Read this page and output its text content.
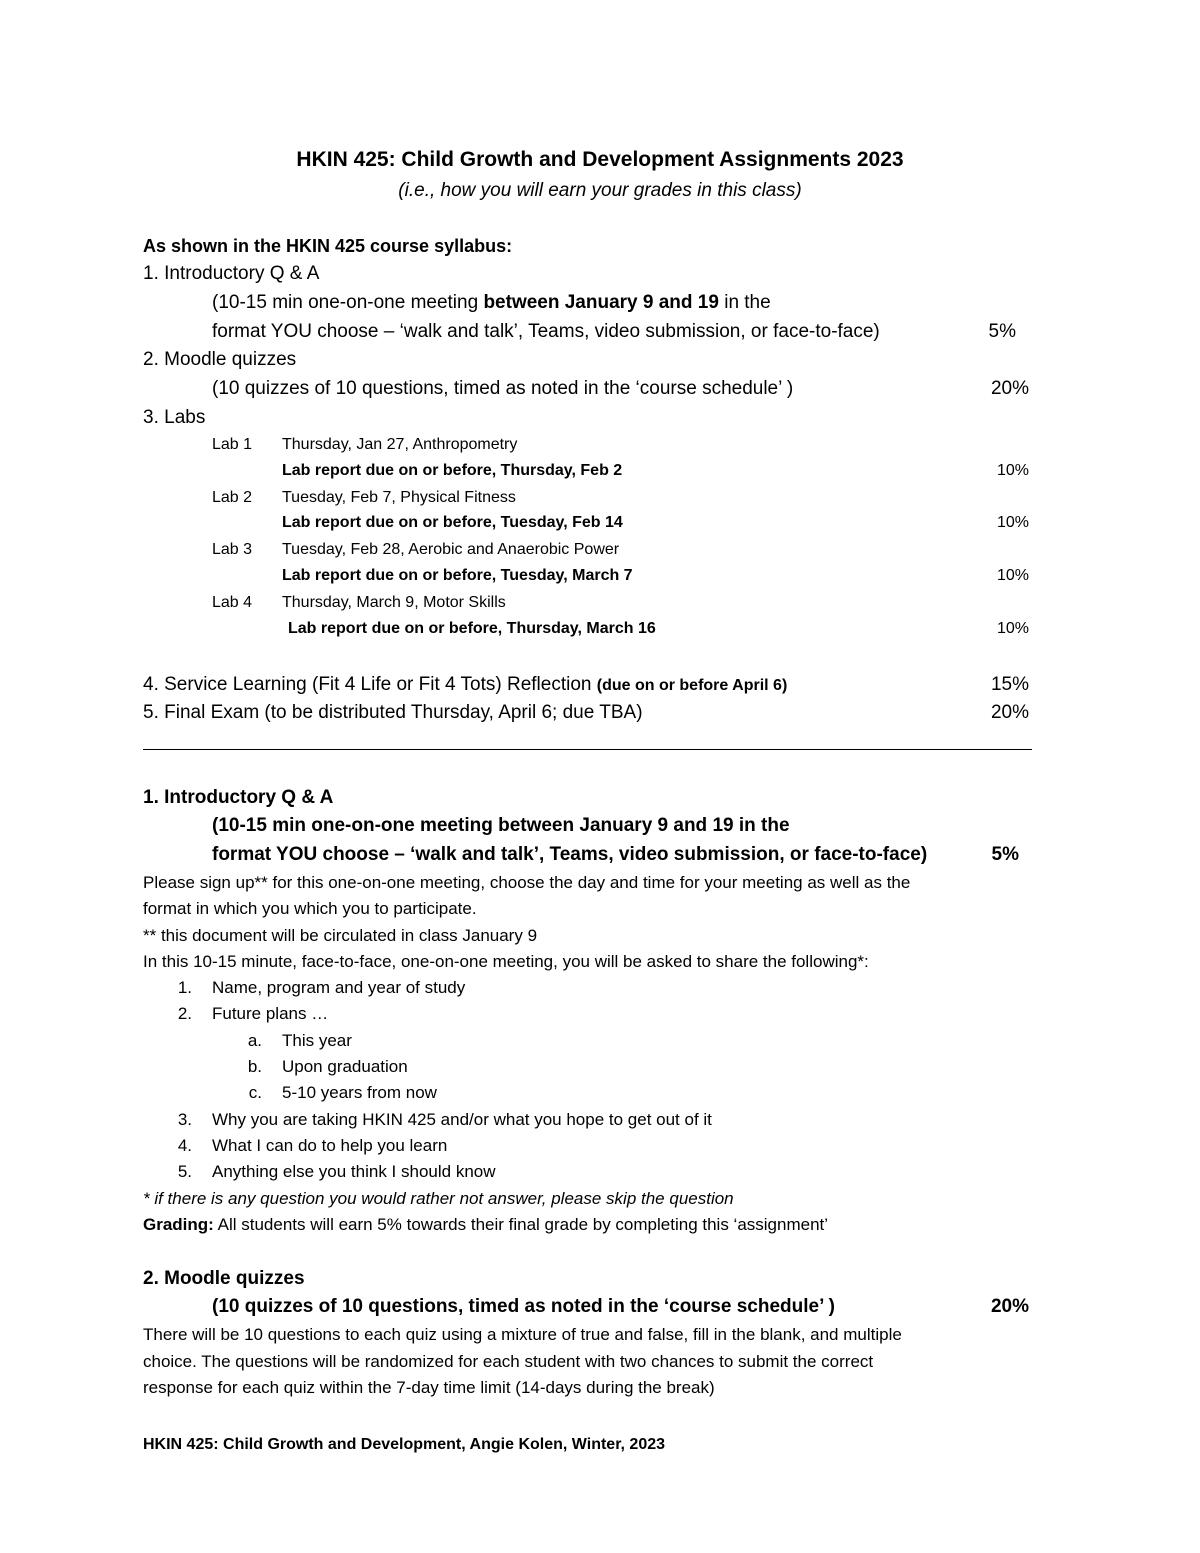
HKIN 425: Child Growth and Development Assignments 2023
(i.e., how you will earn your grades in this class)
As shown in the HKIN 425 course syllabus:
1. Introductory Q & A
(10-15 min one-on-one meeting between January 9 and 19 in the
format YOU choose – ‘walk and talk’, Teams, video submission, or face-to-face)	5%
2. Moodle quizzes
(10 quizzes of 10 questions, timed as noted in the ‘course schedule’ )	20%
3. Labs
Lab 1 Thursday, Jan 27, Anthropometry
Lab report due on or before, Thursday, Feb 2	10%
Lab 2 Tuesday, Feb 7, Physical Fitness
Lab report due on or before, Tuesday, Feb 14	10%
Lab 3 Tuesday, Feb 28, Aerobic and Anaerobic Power
Lab report due on or before, Tuesday, March 7	10%
Lab 4 Thursday, March 9, Motor Skills
Lab report due on or before, Thursday, March 16	10%
4. Service Learning (Fit 4 Life or Fit 4 Tots) Reflection (due on or before April 6)	15%
5. Final Exam (to be distributed Thursday, April 6; due TBA)	20%
1. Introductory Q & A
(10-15 min one-on-one meeting between January 9 and 19 in the
format YOU choose – ‘walk and talk’, Teams, video submission, or face-to-face)	5%
Please sign up** for this one-on-one meeting, choose the day and time for your meeting as well as the
format in which you which you to participate.
** this document will be circulated in class January 9
In this 10-15 minute, face-to-face, one-on-one meeting, you will be asked to share the following*:
1. Name, program and year of study
2. Future plans …
a. This year
b. Upon graduation
c. 5-10 years from now
3. Why you are taking HKIN 425 and/or what you hope to get out of it
4. What I can do to help you learn
5. Anything else you think I should know
* if there is any question you would rather not answer, please skip the question
Grading: All students will earn 5% towards their final grade by completing this ‘assignment’
2. Moodle quizzes
(10 quizzes of 10 questions, timed as noted in the ‘course schedule’ )	20%
There will be 10 questions to each quiz using a mixture of true and false, fill in the blank, and multiple
choice. The questions will be randomized for each student with two chances to submit the correct
response for each quiz within the 7-day time limit (14-days during the break)
HKIN 425: Child Growth and Development, Angie Kolen, Winter, 2023
